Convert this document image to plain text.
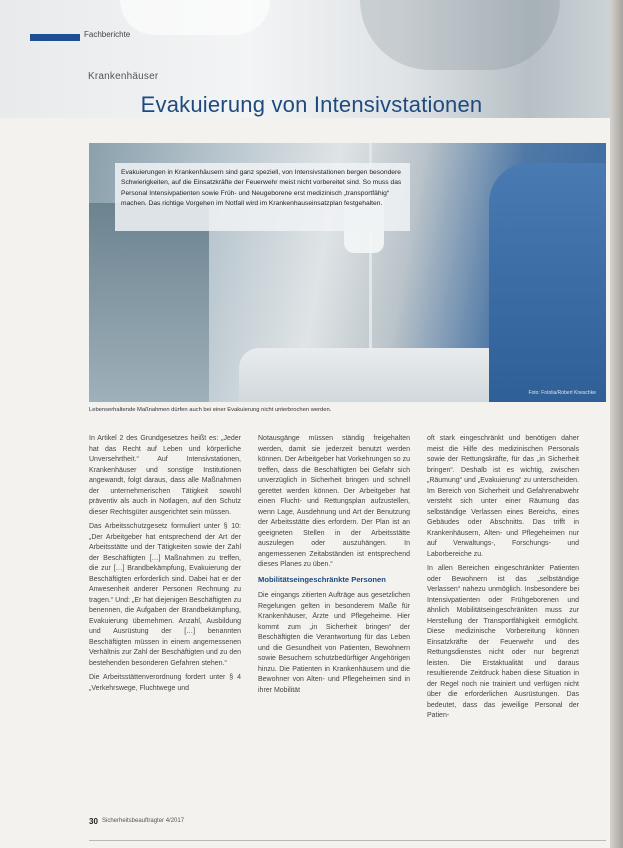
Fachberichte
Krankenhäuser
Evakuierung von Intensivstationen
Foto: Fotolia/Robert Kneschke
Evakuierungen in Krankenhäusern sind ganz speziell, von Intensivstationen bergen besondere Schwierigkeiten, auf die Einsatzkräfte der Feuerwehr meist nicht vorbereitet sind. So muss das Personal Intensivpatienten sowie Früh- und Neugeborene erst medizinisch „transportfähig“ machen. Das richtige Vorgehen im Notfall wird im Krankenhauseinsatzplan festgehalten.
Lebenserhaltende Maßnahmen dürfen auch bei einer Evakuierung nicht unterbrochen werden.

In Artikel 2 des Grundgesetzes heißt es: „Jeder hat das Recht auf Leben und körperliche Unversehrtheit.“ Auf Intensivstationen, Krankenhäuser und sonstige Institutionen angewandt, folgt daraus, dass alle Maßnahmen der unternehmerischen Tätigkeit sowohl präventiv als auch in Notlagen, auf den Schutz dieser Rechtsgüter ausgerichtet sein müssen.

Das Arbeitsschutzgesetz formuliert unter § 10: „Der Arbeitgeber hat entsprechend der Art der Arbeitsstätte und der Tätigkeiten sowie der Zahl der Beschäftigten […] Maßnahmen zu treffen, die zur […] Brandbekämpfung, Evakuierung der Beschäftigten erforderlich sind. Dabei hat er der Anwesenheit anderer Personen Rechnung zu tragen.“ Und: „Er hat diejenigen Beschäftigten zu benennen, die Aufgaben der Brandbekämpfung, Evakuierung übernehmen. Anzahl, Ausbildung und Ausrüstung der […] benannten Beschäftigten müssen in einem angemessenen Verhältnis zur Zahl der Beschäftigten und zu den bestehenden besonderen Gefahren stehen.“

Die Arbeitsstättenverordnung fordert unter § 4 „Verkehrswege, Fluchtwege und

Notausgänge müssen ständig freigehalten werden, damit sie jederzeit benutzt werden können. Der Arbeitgeber hat Vorkehrungen so zu treffen, dass die Beschäftigten bei Gefahr sich unverzüglich in Sicherheit bringen und schnell gerettet werden können. Der Arbeitgeber hat einen Flucht- und Rettungsplan aufzustellen, wenn Lage, Ausdehnung und Art der Benutzung der Arbeitsstätte dies erfordern. Der Plan ist an geeigneten Stellen in der Arbeitsstätte auszulegen oder auszuhängen. In angemessenen Zeitabständen ist entsprechend dieses Planes zu üben.“

Mobilitätseingeschränkte Personen

Die eingangs zitierten Aufträge aus gesetzlichen Regelungen gelten in besonderem Maße für Krankenhäuser, Ärzte und Pflegeheime. Hier kommt zum „in Sicherheit bringen“ der Beschäftigten die Verantwortung für das Leben und die Gesundheit von Patienten, Bewohnern sowie Besuchern schutzbedürftiger Angehörigen hinzu. Die Patienten in Krankenhäusern und die Bewohner von Alten- und Pflegeheimen sind in ihrer Mobilität

oft stark eingeschränkt und benötigen daher meist die Hilfe des medizinischen Personals sowie der Rettungskräfte, für das „in Sicherheit bringen“. Deshalb ist es wichtig, zwischen „Räumung“ und „Evakuierung“ zu unterscheiden. Im Bereich von Sicherheit und Gefahrenabwehr versteht sich unter einer Räumung das selbständige Verlassen eines Bereichs, eines Gebäudes oder Abschnitts. Das trifft in Krankenhäusern, Alten- und Pflegeheimen nur auf Verwaltungs-, Forschungs- und Laborbereiche zu.

In allen Bereichen eingeschränkter Patienten oder Bewohnern ist das „selbständige Verlassen“ nahezu unmöglich. Insbesondere bei Intensivpatienten oder Frühgeborenen und ähnlich Mobilitätseingeschränkten muss zur Herstellung der Transportfähigkeit ermöglicht. Diese medizinische Vorbereitung können Einsatzkräfte der Feuerwehr und des Rettungsdienstes nicht oder nur begrenzt leisten. Die Erstaktualität und daraus resultierende Zeitdruck haben diese Situation in der Regel noch nie trainiert und verfügen nicht über die erforderlichen Ausrüstungen. Das bedeutet, dass das jeweilige Personal der Patien-

30 Sicherheitsbeauftragter 4/2017
